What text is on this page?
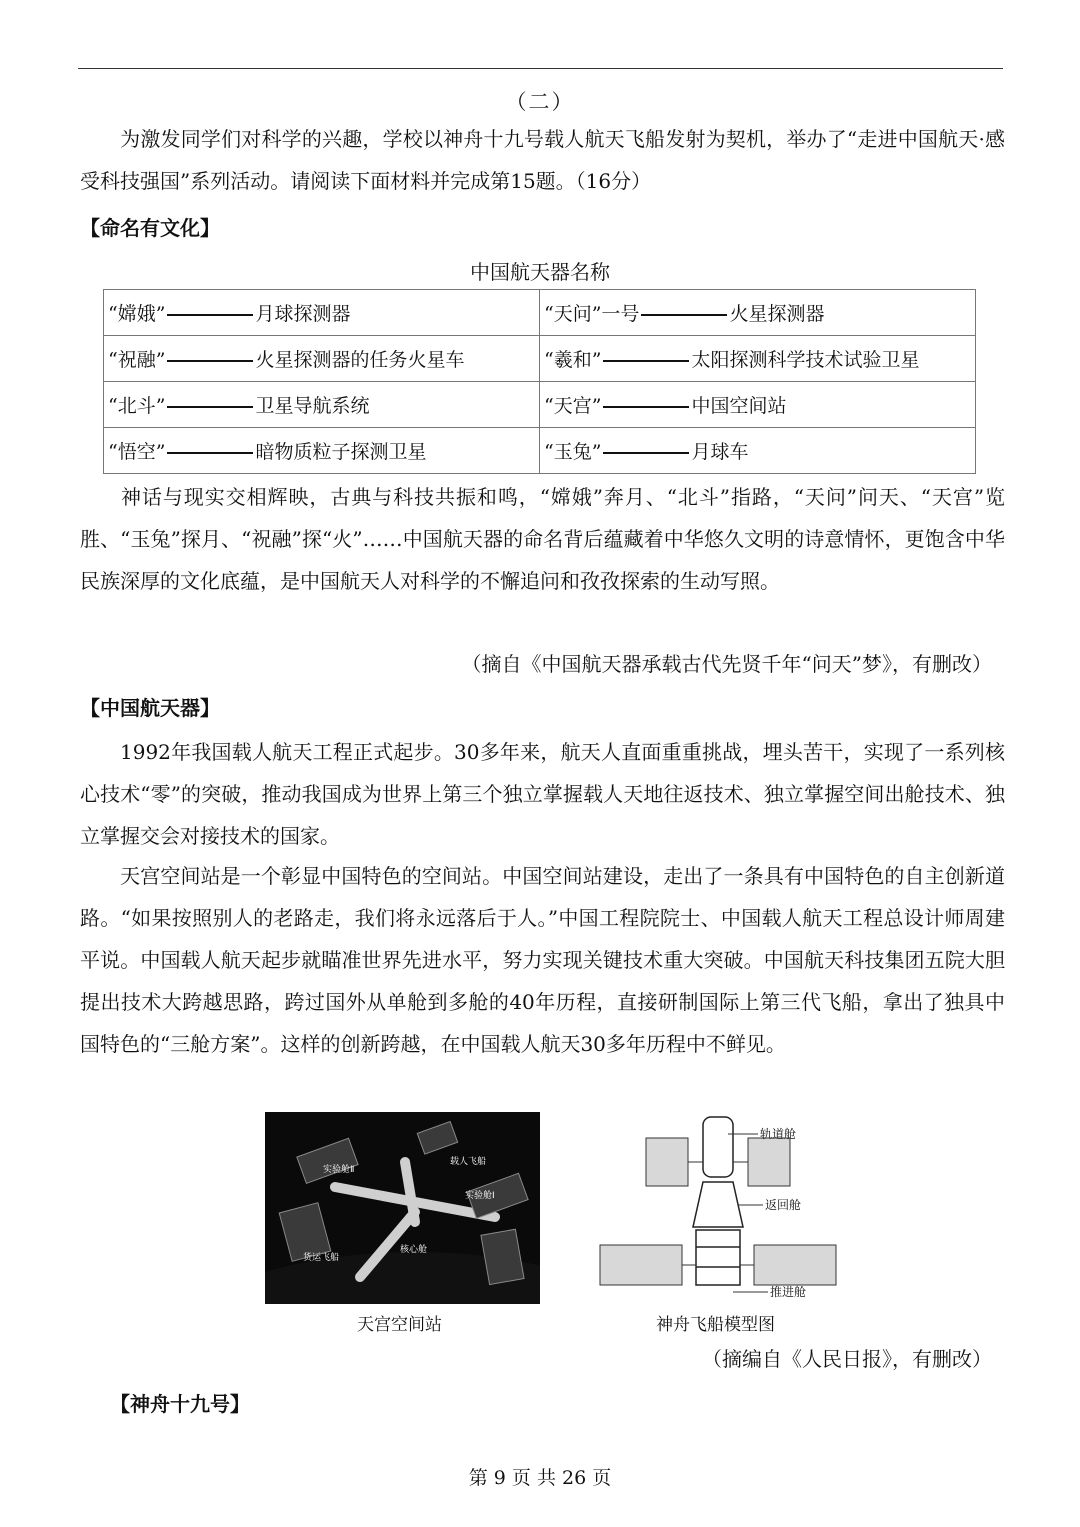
（二）
为激发同学们对科学的兴趣，学校以神舟十九号载人航天飞船发射为契机，举办了“走进中国航天·感受科技强国”系列活动。请阅读下面材料并完成第15题。（16分）
【命名有文化】
中国航天器名称
“嫦娥” 月球探测器	“天问”一号 火星探测器
“祝融” 火星探测器的任务火星车	“羲和” 太阳探测科学技术试验卫星
“北斗” 卫星导航系统	“天宫” 中国空间站
“悟空” 暗物质粒子探测卫星	“玉兔” 月球车
神话与现实交相辉映，古典与科技共振和鸣，“嫦娥”奔月、“北斗”指路，“天问”问天、“天宫”览胜、“玉兔”探月、“祝融”探“火”……中国航天器的命名背后蕴藏着中华悠久文明的诗意情怀，更饱含中华民族深厚的文化底蕴，是中国航天人对科学的不懈追问和孜孜探索的生动写照。
（摘自《中国航天器承载古代先贤千年“问天”梦》，有删改）
【中国航天器】
1992年我国载人航天工程正式起步。30多年来，航天人直面重重挑战，埋头苦干，实现了一系列核心技术“零”的突破，推动我国成为世界上第三个独立掌握载人天地往返技术、独立掌握空间出舱技术、独立掌握交会对接技术的国家。
天宫空间站是一个彰显中国特色的空间站。中国空间站建设，走出了一条具有中国特色的自主创新道路。“如果按照别人的老路走，我们将永远落后于人。”中国工程院院士、中国载人航天工程总设计师周建平说。中国载人航天起步就瞄准世界先进水平，努力实现关键技术重大突破。中国航天科技集团五院大胆提出技术大跨越思路，跨过国外从单舱到多舱的40年历程，直接研制国际上第三代飞船，拿出了独具中国特色的“三舱方案”。这样的创新跨越，在中国载人航天30多年历程中不鲜见。
实验舱Ⅱ
载人飞船
实验舱Ⅰ
核心舱
货运飞船
天宫空间站
轨道舱
返回舱
推进舱
神舟飞船模型图
（摘编自《人民日报》，有删改）
【神舟十九号】
第 9 页 共 26 页
